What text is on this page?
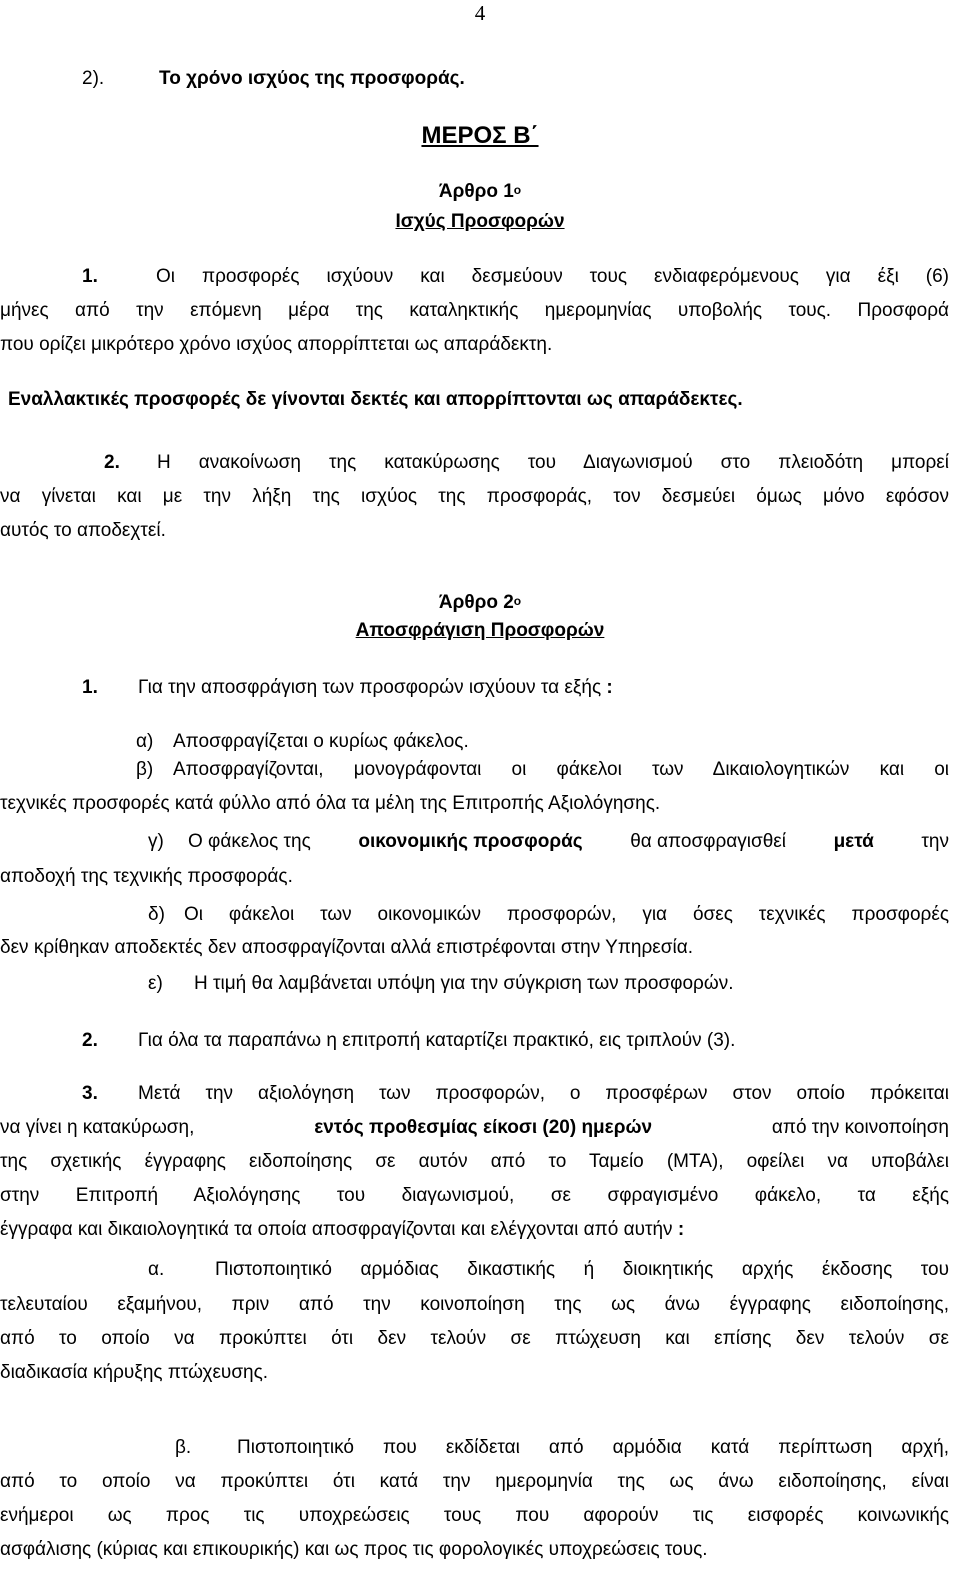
4
2).	Το χρόνο ισχύος της προσφοράς.
ΜΕΡΟΣ Β΄
Άρθρο $1^o$
Ισχύς Προσφορών
1.	Οι προσφορές ισχύουν και δεσμεύουν τους ενδιαφερόμενους για έξι (6)
μήνες από την επόμενη μέρα της καταληκτικής ημερομηνίας υποβολής τους. Προσφορά
που ορίζει μικρότερο χρόνο ισχύος απορρίπτεται ως απαράδεκτη.
Εναλλακτικές προσφορές δε γίνονται δεκτές και απορρίπτονται ως απαράδεκτες.
2. Η ανακοίνωση της κατακύρωσης του Διαγωνισμού στο πλειοδότη μπορεί
να γίνεται και με την λήξη της ισχύος της προσφοράς, τον δεσμεύει όμως μόνο εφόσον
αυτός το αποδεχτεί.
Άρθρο $2^o$
Αποσφράγιση Προσφορών
1. Για την αποσφράγιση των προσφορών ισχύουν τα εξής :
α) Αποσφραγίζεται ο κυρίως φάκελος.
β) Αποσφραγίζονται, μονογράφονται οι φάκελοι των Δικαιολογητικών και οι
τεχνικές προσφορές κατά φύλλο από όλα τα μέλη της Επιτροπής Αξιολόγησης.
γ) Ο φάκελος της	οικονομικής προσφοράς	θα αποσφραγισθεί	μετά	την
αποδοχή της τεχνικής προσφοράς.
δ) Οι φάκελοι των οικονομικών προσφορών, για όσες τεχνικές προσφορές
δεν κρίθηκαν αποδεκτές δεν αποσφραγίζονται αλλά επιστρέφονται στην Υπηρεσία.
ε) Η τιμή θα λαμβάνεται υπόψη για την σύγκριση των προσφορών.
2. Για όλα τα παραπάνω η επιτροπή καταρτίζει πρακτικό, εις τριπλούν (3).
3. Μετά την αξιολόγηση των προσφορών, ο προσφέρων στον οποίο πρόκειται
να γίνει η κατακύρωση,	εντός προθεσμίας είκοσι (20) ημερών	από την κοινοποίηση
της σχετικής έγγραφης ειδοποίησης σε αυτόν από το Ταμείο (ΜΤΑ), οφείλει να υποβάλει
στην Επιτροπή Αξιολόγησης του διαγωνισμού, σε σφραγισμένο φάκελο, τα εξής
έγγραφα και δικαιολογητικά τα οποία αποσφραγίζονται και ελέγχονται από αυτήν :
α.	Πιστοποιητικό αρμόδιας δικαστικής ή διοικητικής αρχής έκδοσης του
τελευταίου εξαμήνου, πριν από την κοινοποίηση της ως άνω έγγραφης ειδοποίησης,
από το οποίο να προκύπτει ότι δεν τελούν σε πτώχευση και επίσης δεν τελούν σε
διαδικασία κήρυξης πτώχευσης.
β. Πιστοποιητικό που εκδίδεται από αρμόδια κατά περίπτωση αρχή,
από το οποίο να προκύπτει ότι κατά την ημερομηνία της ως άνω ειδοποίησης, είναι
ενήμεροι ως προς τις υποχρεώσεις τους που αφορούν τις εισφορές κοινωνικής
ασφάλισης (κύριας και επικουρικής) και ως προς τις φορολογικές υποχρεώσεις τους.
